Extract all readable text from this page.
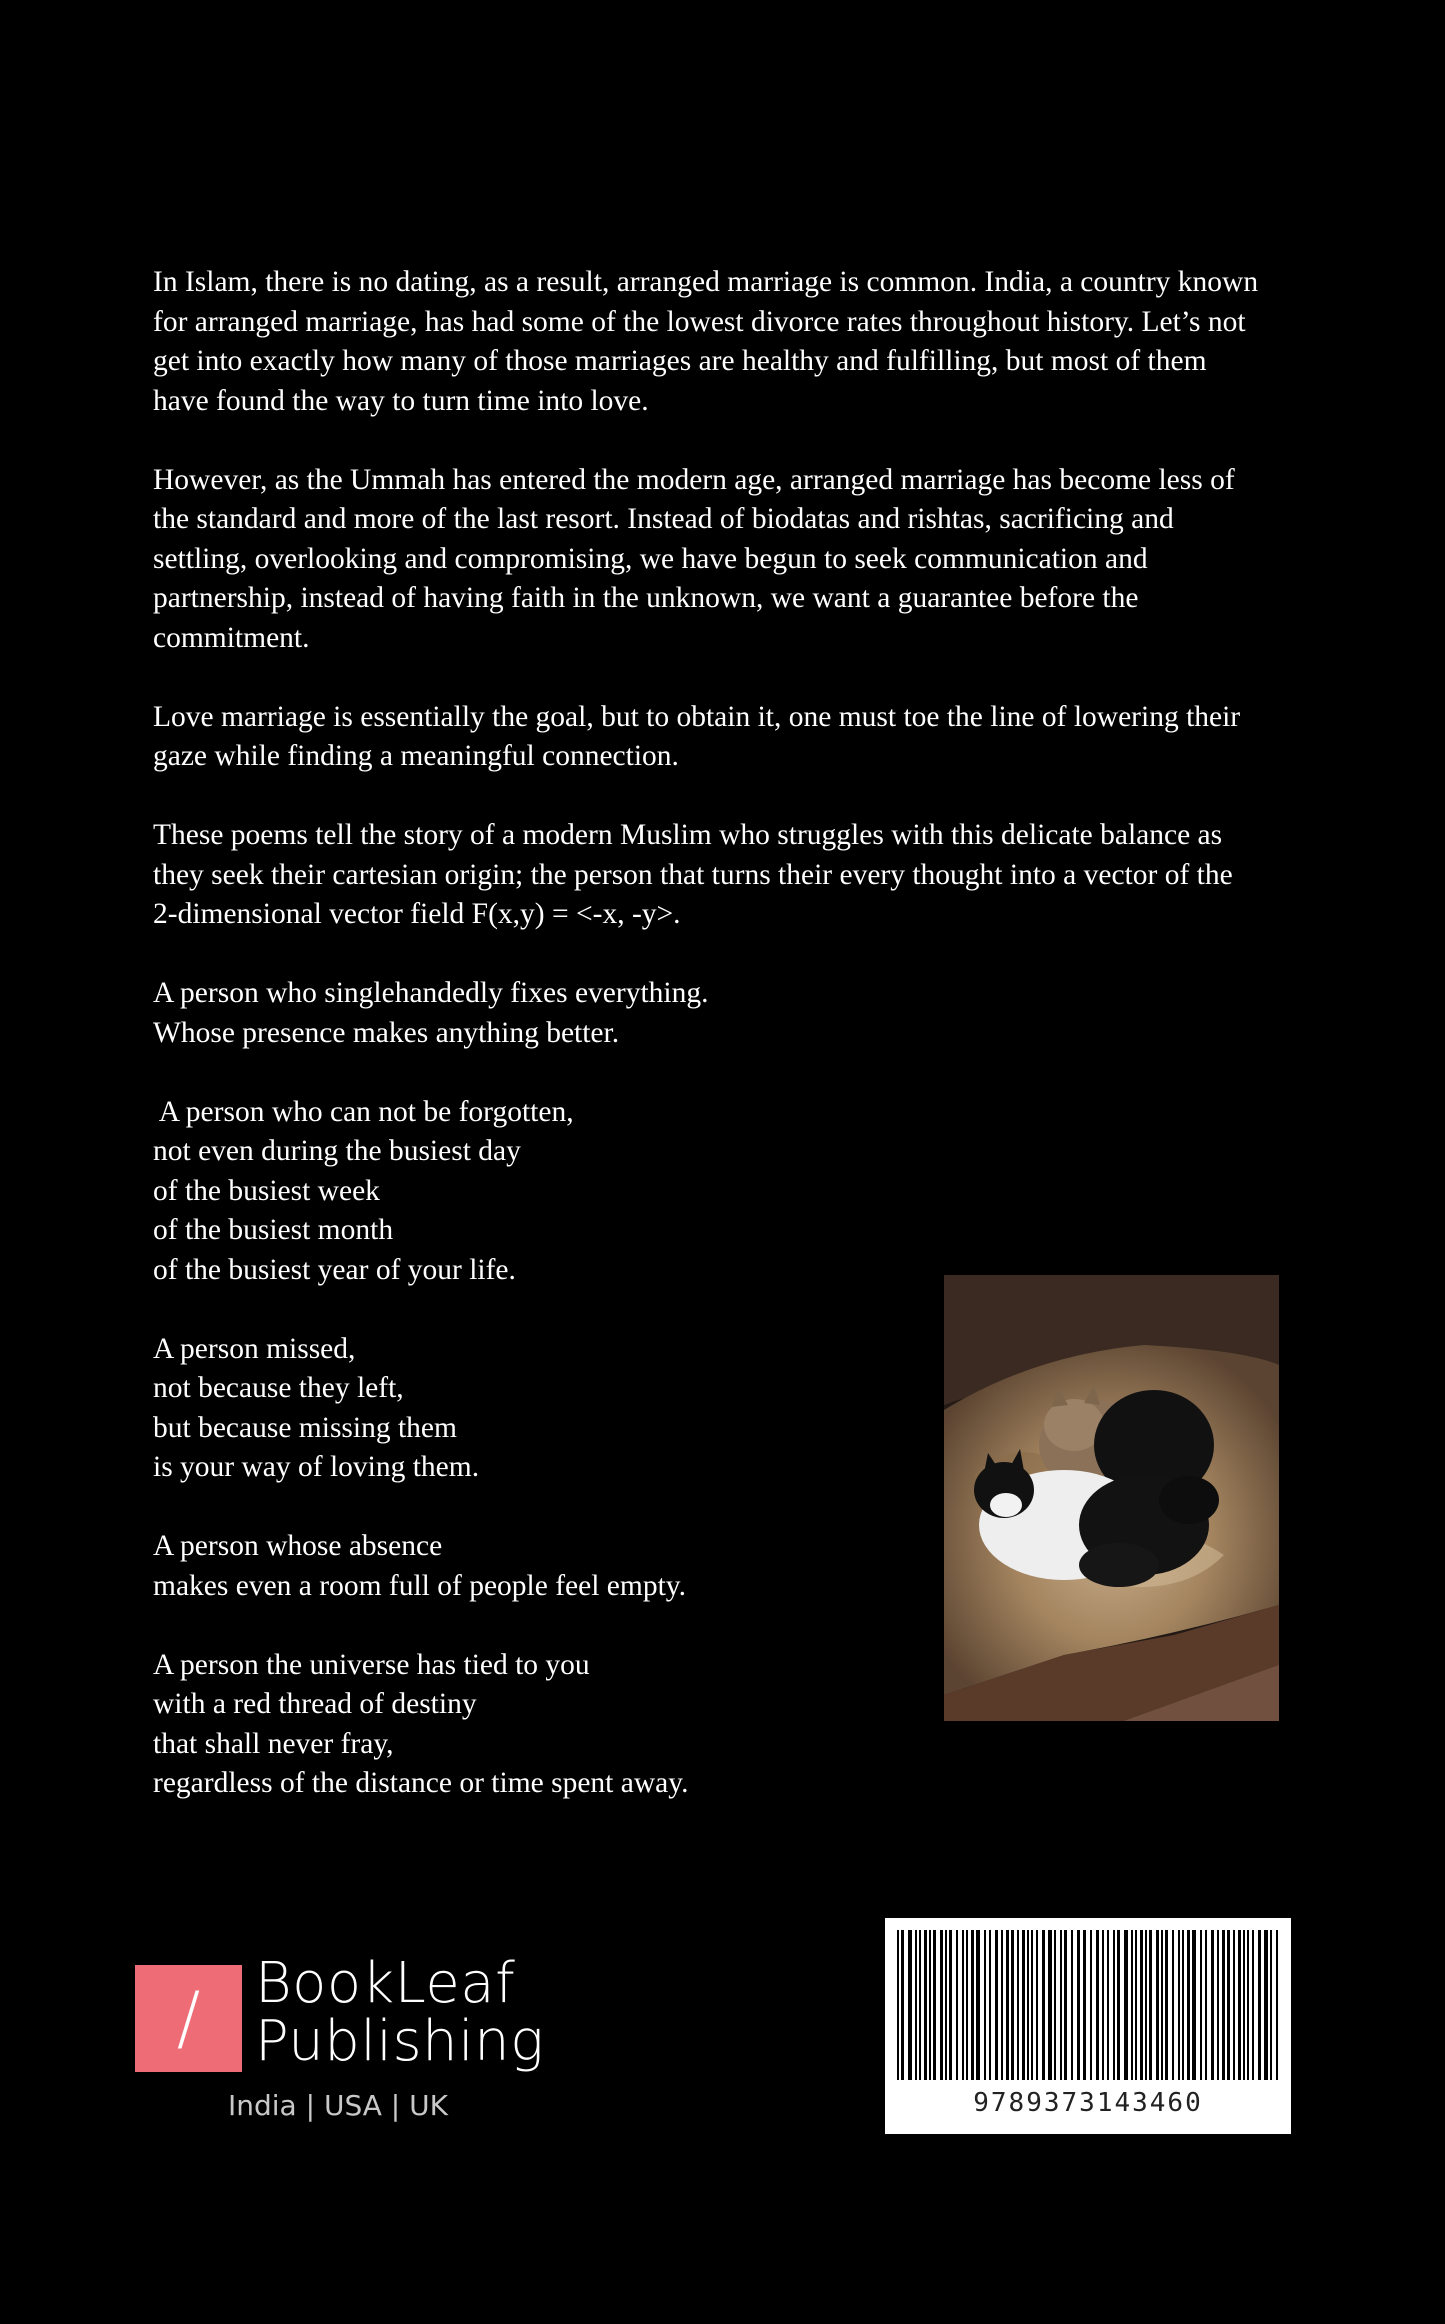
In Islam, there is no dating, as a result, arranged marriage is common. India, a country known
for arranged marriage, has had some of the lowest divorce rates throughout history. Let’s not
get into exactly how many of those marriages are healthy and fulfilling, but most of them
have found the way to turn time into love.
However, as the Ummah has entered the modern age, arranged marriage has become less of
the standard and more of the last resort. Instead of biodatas and rishtas, sacrificing and
settling, overlooking and compromising, we have begun to seek communication and
partnership, instead of having faith in the unknown, we want a guarantee before the
commitment.
Love marriage is essentially the goal, but to obtain it, one must toe the line of lowering their
gaze while finding a meaningful connection.
These poems tell the story of a modern Muslim who struggles with this delicate balance as
they seek their cartesian origin; the person that turns their every thought into a vector of the
2-dimensional vector field F(x,y) = <-x, -y>.
A person who singlehandedly fixes everything.
Whose presence makes anything better.
A person who can not be forgotten,
not even during the busiest day
of the busiest week
of the busiest month
of the busiest year of your life.
A person missed,
not because they left,
but because missing them
is your way of loving them.
A person whose absence
makes even a room full of people feel empty.
A person the universe has tied to you
with a red thread of destiny
that shall never fray,
regardless of the distance or time spent away.
/ BookLeaf
Publishing
India | USA | UK	9789373143460
